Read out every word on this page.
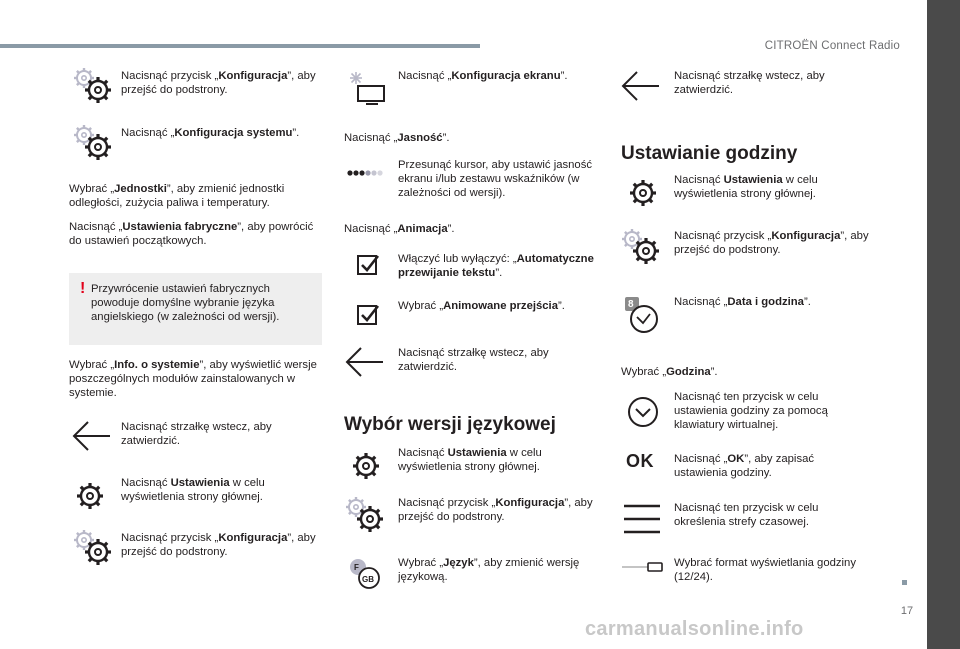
CITROËN Connect Radio
17
carmanualsonline.info
Nacisnąć przycisk „Konfiguracja”, aby przejść do podstrony.
Nacisnąć „Konfiguracja systemu”.
Wybrać „Jednostki”, aby zmienić jednostki odległości, zużycia paliwa i temperatury.
Nacisnąć „Ustawienia fabryczne”, aby powrócić do ustawień początkowych.
! Przywrócenie ustawień fabrycznych powoduje domyślne wybranie języka angielskiego (w zależności od wersji).
Wybrać „Info. o systemie”, aby wyświetlić wersje poszczególnych modułów zainstalowanych w systemie.
Nacisnąć strzałkę wstecz, aby zatwierdzić.
Nacisnąć Ustawienia w celu wyświetlenia strony głównej.
Nacisnąć przycisk „Konfiguracja”, aby przejść do podstrony.
Nacisnąć „Konfiguracja ekranu”.
Nacisnąć „Jasność”.
Przesunąć kursor, aby ustawić jasność ekranu i/lub zestawu wskaźników (w zależności od wersji).
Nacisnąć „Animacja”.
Włączyć lub wyłączyć: „Automatyczne przewijanie tekstu”.
Wybrać „Animowane przejścia”.
Nacisnąć strzałkę wstecz, aby zatwierdzić.
Wybór wersji językowej
Nacisnąć Ustawienia w celu wyświetlenia strony głównej.
Nacisnąć przycisk „Konfiguracja”, aby przejść do podstrony.
F
GB
Wybrać „Język”, aby zmienić wersję językową.
Nacisnąć strzałkę wstecz, aby zatwierdzić.
Ustawianie godziny
Nacisnąć Ustawienia w celu wyświetlenia strony głównej.
Nacisnąć przycisk „Konfiguracja”, aby przejść do podstrony.
8	Nacisnąć „Data i godzina”.
Wybrać „Godzina”.
Nacisnąć ten przycisk w celu ustawienia godziny za pomocą klawiatury wirtualnej.
OK	Nacisnąć „OK”, aby zapisać ustawienia godziny.
Nacisnąć ten przycisk w celu określenia strefy czasowej.
Wybrać format wyświetlania godziny (12/24).
